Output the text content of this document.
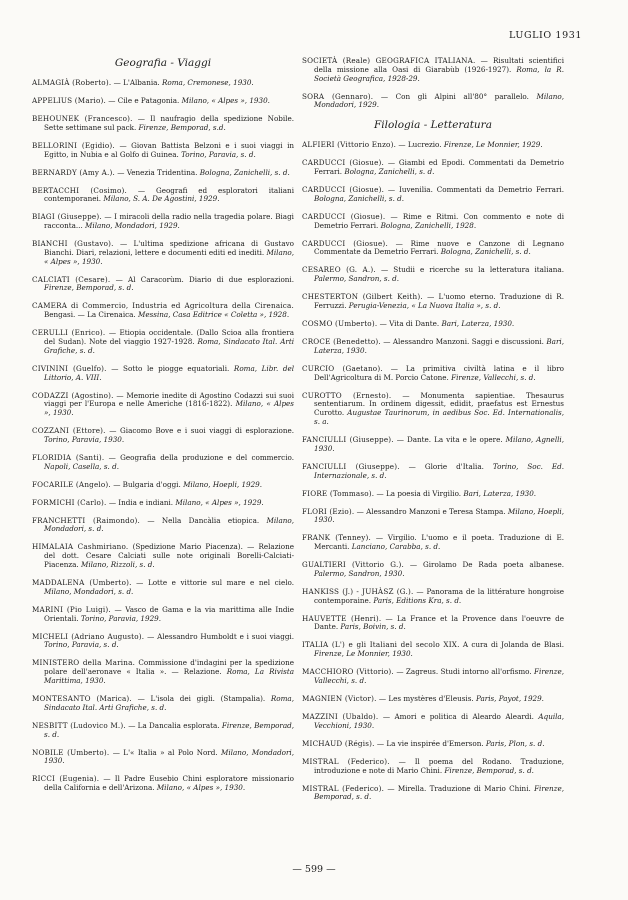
LUGLIO 1931
Geografia - Viaggi

ALMAGIÀ (Roberto). — L'Albania. Roma, Cremonese, 1930.

APPELIUS (Mario). — Cile e Patagonia. Milano, « Alpes », 1930.

BEHOUNEK (Francesco). — Il naufragio della spedizione Nobile. Sette settimane sul pack. Firenze, Bemporad, s.d.

BELLORINI (Egidio). — Giovan Battista Belzoni e i suoi viaggi in Egitto, in Nubia e al Golfo di Guinea. Torino, Paravia, s. d.

BERNARDY (Amy A.). — Venezia Tridentina. Bologna, Zanichelli, s. d.

BERTACCHI (Cosimo). — Geografi ed esploratori italiani contemporanei. Milano, S. A. De Agostini, 1929.

BIAGI (Giuseppe). — I miracoli della radio nella tragedia polare. Biagi racconta... Milano, Mondadori, 1929.

BIANCHI (Gustavo). — L'ultima spedizione africana di Gustavo Bianchi. Diari, relazioni, lettere e documenti editi ed inediti. Milano, « Alpes », 1930.

CALCIATI (Cesare). — Al Caracorùm. Diario di due esplorazioni. Firenze, Bemporad, s. d.

CAMERA di Commercio, Industria ed Agricoltura della Cirenaica. Bengasi. — La Cirenaica. Messina, Casa Editrice « Coletta », 1928.

CERULLI (Enrico). — Etiopia occidentale. (Dallo Scioa alla frontiera del Sudan). Note del viaggio 1927-1928. Roma, Sindacato Ital. Arti Grafiche, s. d.

CIVININI (Guelfo). — Sotto le piogge equatoriali. Roma, Libr. del Littorio, A. VIII.

CODAZZI (Agostino). — Memorie inedite di Agostino Codazzi sui suoi viaggi per l'Europa e nelle Americhe (1816-1822). Milano, « Alpes », 1930.

COZZANI (Ettore). — Giacomo Bove e i suoi viaggi di esplorazione. Torino, Paravia, 1930.

FLORIDIA (Santi). — Geografia della produzione e del commercio. Napoli, Casella, s. d.

FOCARILE (Angelo). — Bulgaria d'oggi. Milano, Hoepli, 1929.

FORMICHI (Carlo). — India e indiani. Milano, « Alpes », 1929.

FRANCHETTI (Raimondo). — Nella Dancàlia etiopica. Milano, Mondadori, s. d.

HIMALAIA Cashmiriano. (Spedizione Mario Piacenza). — Relazione del dott. Cesare Calciati sulle note originali Borelli-Calciati-Piacenza. Milano, Rizzoli, s. d.

MADDALENA (Umberto). — Lotte e vittorie sul mare e nel cielo. Milano, Mondadori, s. d.

MARINI (Pio Luigi). — Vasco de Gama e la via marittima alle Indie Orientali. Torino, Paravia, 1929.

MICHELI (Adriano Augusto). — Alessandro Humboldt e i suoi viaggi. Torino, Paravia, s. d.

MINISTERO della Marina. Commissione d'indagini per la spedizione polare dell'aeronave « Italia ». — Relazione. Roma, La Rivista Marittima, 1930.

MONTESANTO (Marica). — L'isola dei gigli. (Stampalia). Roma, Sindacato Ital. Arti Grafiche, s. d.

NESBITT (Ludovico M.). — La Dancalia esplorata. Firenze, Bemporad, s. d.

NOBILE (Umberto). — L'« Italia » al Polo Nord. Milano, Mondadori, 1930.

RICCI (Eugenia). — Il Padre Eusebio Chini esploratore missionario della California e dell'Arizona. Milano, « Alpes », 1930.

SOCIETÀ (Reale) GEOGRAFICA ITALIANA. — Risultati scientifici della missione alla Oasi di Giarabùb (1926-1927). Roma, la R. Società Geografica, 1928-29.

SORA (Gennaro). — Con gli Alpini all'80° parallelo. Milano, Mondadori, 1929.

Filologia - Letteratura

ALFIERI (Vittorio Enzo). — Lucrezio. Firenze, Le Monnier, 1929.

CARDUCCI (Giosue). — Giambi ed Epodi. Commentati da Demetrio Ferrari. Bologna, Zanichelli, s. d.

CARDUCCI (Giosue). — Iuvenilia. Commentati da Demetrio Ferrari. Bologna, Zanichelli, s. d.

CARDUCCI (Giosue). — Rime e Ritmi. Con commento e note di Demetrio Ferrari. Bologna, Zanichelli, 1928.

CARDUCCI (Giosue). — Rime nuove e Canzone di Legnano Commentate da Demetrio Ferrari. Bologna, Zanichelli, s. d.

CESAREO (G. A.). — Studii e ricerche su la letteratura italiana. Palermo, Sandron, s. d.

CHESTERTON (Gilbert Keith). — L'uomo eterno. Traduzione di R. Ferruzzi. Perugia-Venezia, « La Nuova Italia », s. d.

COSMO (Umberto). — Vita di Dante. Bari, Laterza, 1930.

CROCE (Benedetto). — Alessandro Manzoni. Saggi e discussioni. Bari, Laterza, 1930.

CURCIO (Gaetano). — La primitiva civiltà latina e il libro Dell'Agricoltura di M. Porcio Catone. Firenze, Vallecchi, s. d.

CUROTTO (Ernesto). — Monumenta sapientiae. Thesaurus sententiarum. In ordinem digessit, edidit, praefatus est Ernestus Curotto. Augustae Taurinorum, in aedibus Soc. Ed. Internationalis, s. a.

FANCIULLI (Giuseppe). — Dante. La vita e le opere. Milano, Agnelli, 1930.

FANCIULLI (Giuseppe). — Glorie d'Italia. Torino, Soc. Ed. Internazionale, s. d.

FIORE (Tommaso). — La poesia di Virgilio. Bari, Laterza, 1930.

FLORI (Ezio). — Alessandro Manzoni e Teresa Stampa. Milano, Hoepli, 1930.

FRANK (Tenney). — Virgilio. L'uomo e il poeta. Traduzione di E. Mercanti. Lanciano, Carabba, s. d.

GUALTIERI (Vittorio G.). — Girolamo De Rada poeta albanese. Palermo, Sandron, 1930.

HANKISS (J.) - JUHÀSZ (G.). — Panorama de la littérature hongroise contemporaine. Paris, Editions Kra, s. d.

HAUVETTE (Henri). — La France et la Provence dans l'oeuvre de Dante. Paris, Boivin, s. d.

ITALIA (L') e gli Italiani del secolo XIX. A cura di Jolanda de Blasi. Firenze, Le Monnier, 1930.

MACCHIORO (Vittorio). — Zagreus. Studi intorno all'orfismo. Firenze, Vallecchi, s. d.

MAGNIEN (Victor). — Les mystères d'Eleusis. Paris, Payot, 1929.

MAZZINI (Ubaldo). — Amori e politica di Aleardo Aleardi. Aquila, Vecchioni, 1930.

MICHAUD (Régis). — La vie inspirée d'Emerson. Paris, Plon, s. d.

MISTRAL (Federico). — Il poema del Rodano. Traduzione, introduzione e note di Mario Chini. Firenze, Bemporad, s. d.

MISTRAL (Federico). — Mirella. Traduzione di Mario Chini. Firenze, Bemporad, s. d.

— 599 —
